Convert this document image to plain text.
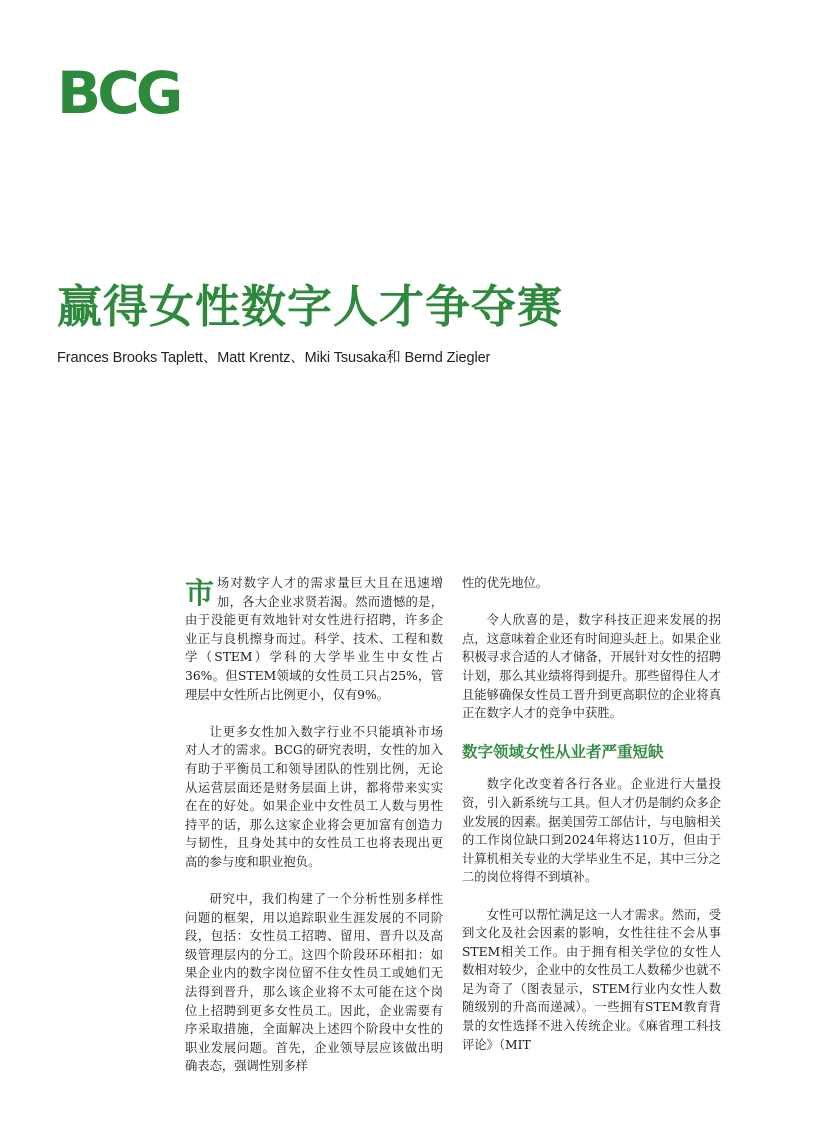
BCG
赢得女性数字人才争夺赛
Frances Brooks Taplett、Matt Krentz、Miki Tsusaka和 Bernd Ziegler

市场对数字人才的需求量巨大且在迅速增加，各大企业求贤若渴。然而遗憾的是，由于没能更有效地针对女性进行招聘，许多企业正与良机擦身而过。科学、技术、工程和数学（STEM）学科的大学毕业生中女性占36%。但STEM领域的女性员工只占25%，管理层中女性所占比例更小，仅有9%。

让更多女性加入数字行业不只能填补市场对人才的需求。BCG的研究表明，女性的加入有助于平衡员工和领导团队的性别比例，无论从运营层面还是财务层面上讲，都将带来实实在在的好处。如果企业中女性员工人数与男性持平的话，那么这家企业将会更加富有创造力与韧性，且身处其中的女性员工也将表现出更高的参与度和职业抱负。

研究中，我们构建了一个分析性别多样性问题的框架，用以追踪职业生涯发展的不同阶段，包括：女性员工招聘、留用、晋升以及高级管理层内的分工。这四个阶段环环相扣：如果企业内的数字岗位留不住女性员工或她们无法得到晋升，那么该企业将不太可能在这个岗位上招聘到更多女性员工。因此，企业需要有序采取措施，全面解决上述四个阶段中女性的职业发展问题。首先，企业领导层应该做出明确表态，强调性别多样

性的优先地位。

令人欣喜的是，数字科技正迎来发展的拐点，这意味着企业还有时间迎头赶上。如果企业积极寻求合适的人才储备，开展针对女性的招聘计划，那么其业绩将得到提升。那些留得住人才且能够确保女性员工晋升到更高职位的企业将真正在数字人才的竞争中获胜。

数字领域女性从业者严重短缺

数字化改变着各行各业。企业进行大量投资，引入新系统与工具。但人才仍是制约众多企业发展的因素。据美国劳工部估计，与电脑相关的工作岗位缺口到2024年将达110万，但由于计算机相关专业的大学毕业生不足，其中三分之二的岗位将得不到填补。

女性可以帮忙满足这一人才需求。然而，受到文化及社会因素的影响，女性往往不会从事STEM相关工作。由于拥有相关学位的女性人数相对较少，企业中的女性员工人数稀少也就不足为奇了（图表显示，STEM行业内女性人数随级别的升高而递减）。一些拥有STEM教育背景的女性选择不进入传统企业。《麻省理工科技评论》（MIT
